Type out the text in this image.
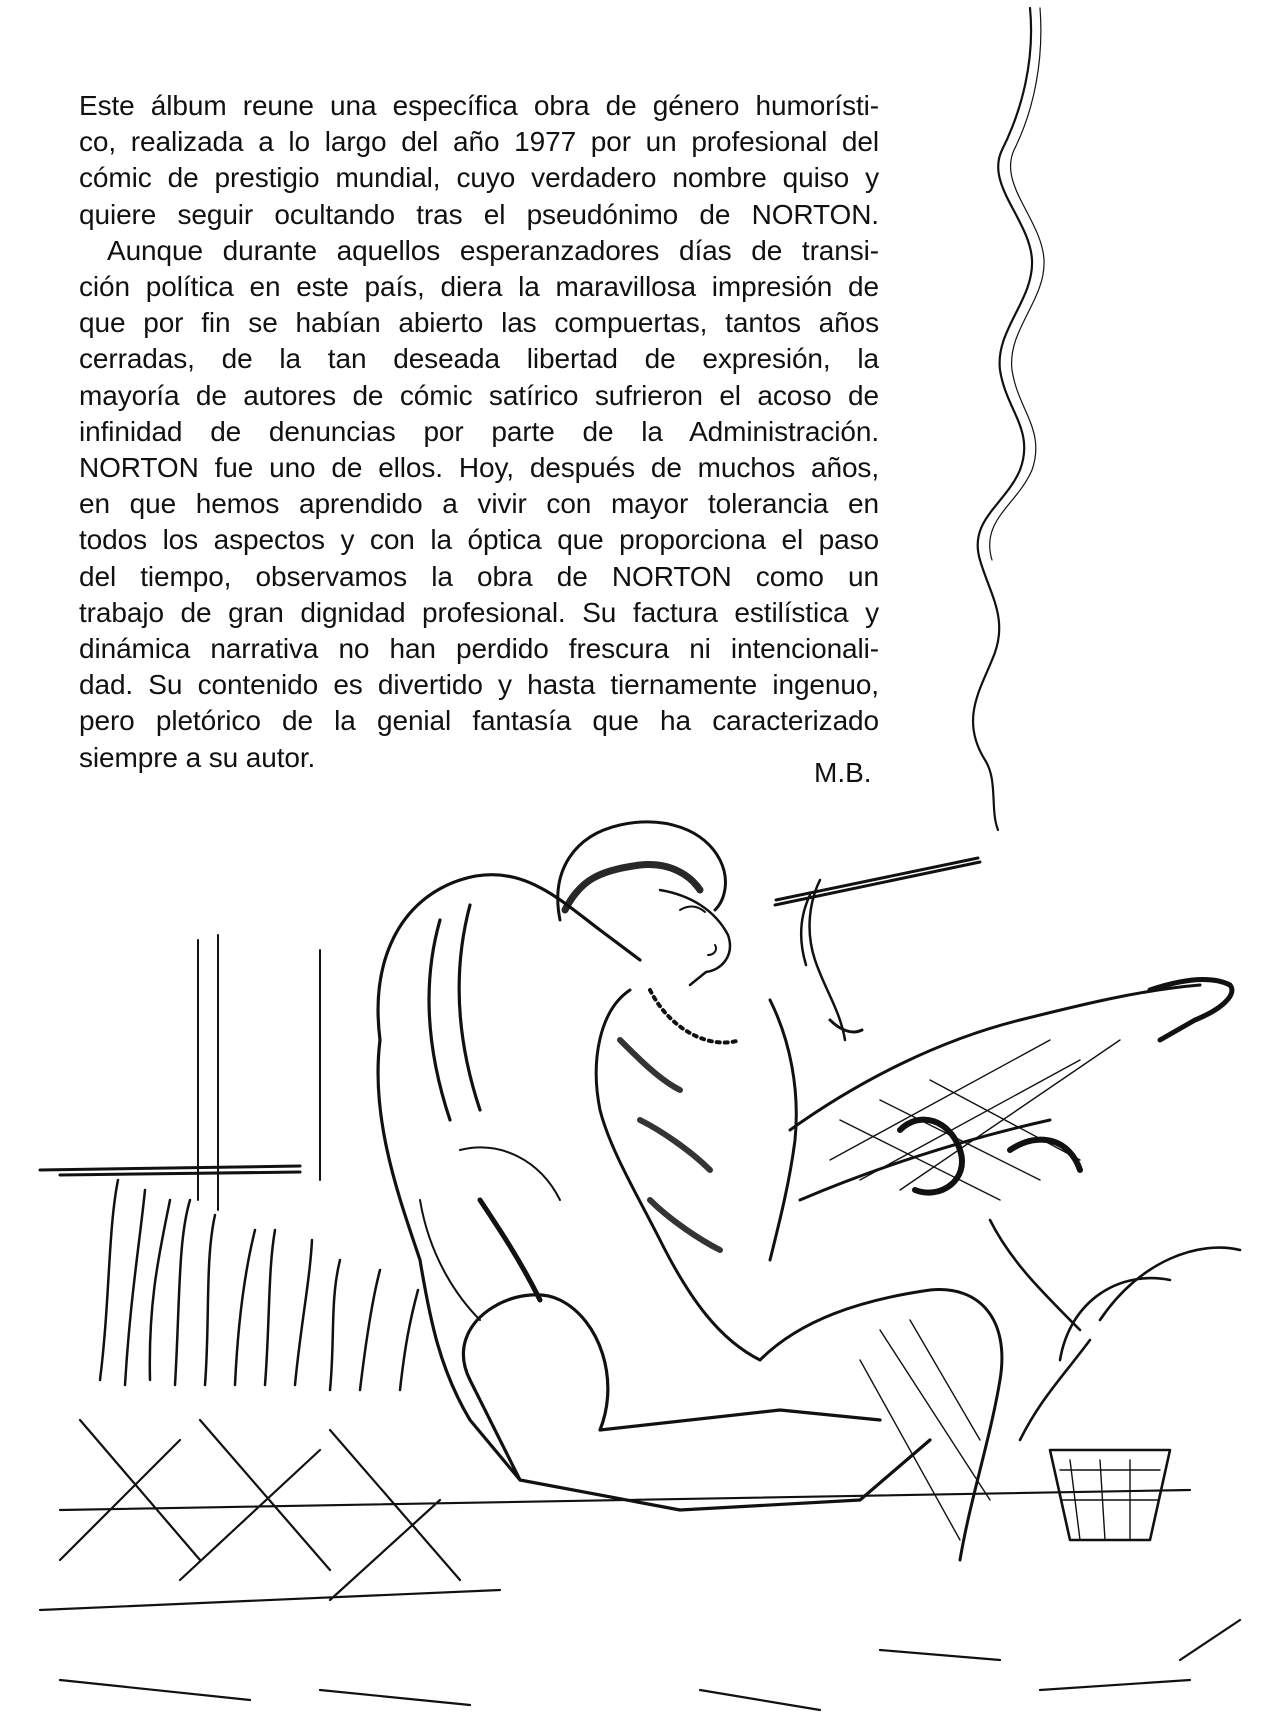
Este álbum reune una específica obra de género humorísti-
co, realizada a lo largo del año 1977 por un profesional del
cómic de prestigio mundial, cuyo verdadero nombre quiso y
quiere seguir ocultando tras el pseudónimo de NORTON.
Aunque durante aquellos esperanzadores días de transi-
ción política en este país, diera la maravillosa impresión de
que por fin se habían abierto las compuertas, tantos años
cerradas, de la tan deseada libertad de expresión, la
mayoría de autores de cómic satírico sufrieron el acoso de
infinidad de denuncias por parte de la Administración.
NORTON fue uno de ellos. Hoy, después de muchos años,
en que hemos aprendido a vivir con mayor tolerancia en
todos los aspectos y con la óptica que proporciona el paso
del tiempo, observamos la obra de NORTON como un
trabajo de gran dignidad profesional. Su factura estilística y
dinámica narrativa no han perdido frescura ni intencionali-
dad. Su contenido es divertido y hasta tiernamente ingenuo,
pero pletórico de la genial fantasía que ha caracterizado
siempre a su autor.	M.B.
